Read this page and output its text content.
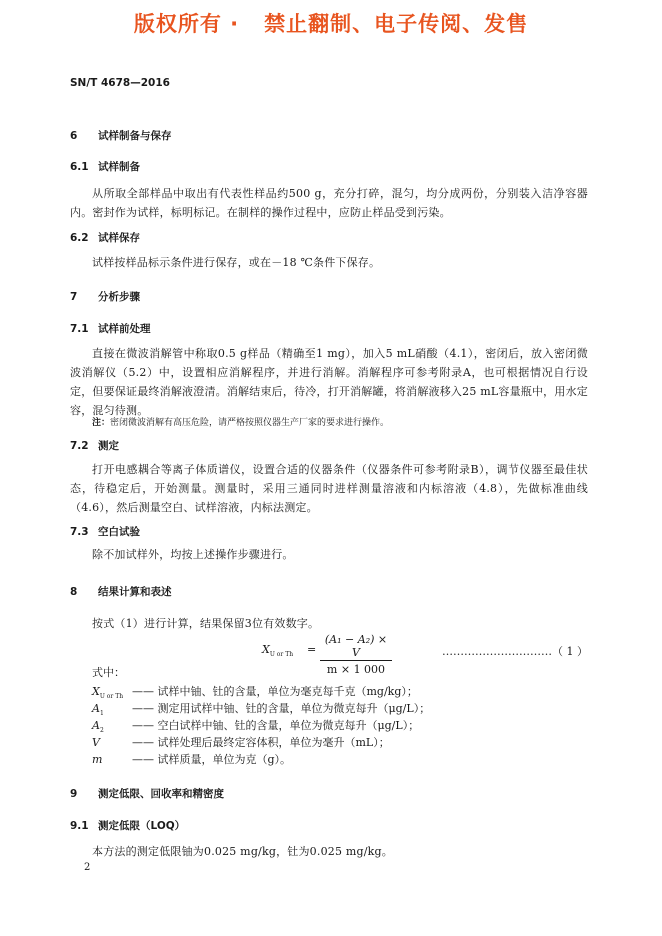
版权所有 ·   禁止翻制、电子传阅、发售
SN/T 4678—2016
6 试样制备与保存
6.1 试样制备
从所取全部样品中取出有代表性样品约500 g，充分打碎，混匀，均分成两份，分别装入洁净容器内。密封作为试样，标明标记。在制样的操作过程中，应防止样品受到污染。
6.2 试样保存
试样按样品标示条件进行保存，或在－18 ℃条件下保存。
7 分析步骤
7.1 试样前处理
直接在微波消解管中称取0.5 g样品（精确至1 mg），加入5 mL硝酸（4.1），密闭后，放入密闭微波消解仪（5.2）中，设置相应消解程序，并进行消解。消解程序可参考附录A，也可根据情况自行设定，但要保证最终消解液澄清。消解结束后，待冷，打开消解罐，将消解液移入25 mL容量瓶中，用水定容，混匀待测。
注：密闭微波消解有高压危险，请严格按照仪器生产厂家的要求进行操作。
7.2 测定
打开电感耦合等离子体质谱仪，设置合适的仪器条件（仪器条件可参考附录B），调节仪器至最佳状态，待稳定后，开始测量。测量时，采用三通同时进样测量溶液和内标溶液（4.8），先做标准曲线（4.6），然后测量空白、试样溶液，内标法测定。
7.3 空白试验
除不加试样外，均按上述操作步骤进行。
8 结果计算和表述
按式（1）进行计算，结果保留3位有效数字。
$X_{U or Th} = \frac{\text{(A₁ − A₂) × V}}{m \times 1 000}$	…………………………（ 1 ）
式中：
$X_{U or Th}$ —— 试样中铀、钍的含量，单位为毫克每千克（mg/kg）；
$A_1$	—— 测定用试样中铀、钍的含量，单位为微克每升（μg/L）；
$A_2$	—— 空白试样中铀、钍的含量，单位为微克每升（μg/L）；
V	—— 试样处理后最终定容体积，单位为毫升（mL）；
m	—— 试样质量，单位为克（g）。
9 测定低限、回收率和精密度
9.1 测定低限（LOQ）
本方法的测定低限铀为0.025 mg/kg，钍为0.025 mg/kg。
2
